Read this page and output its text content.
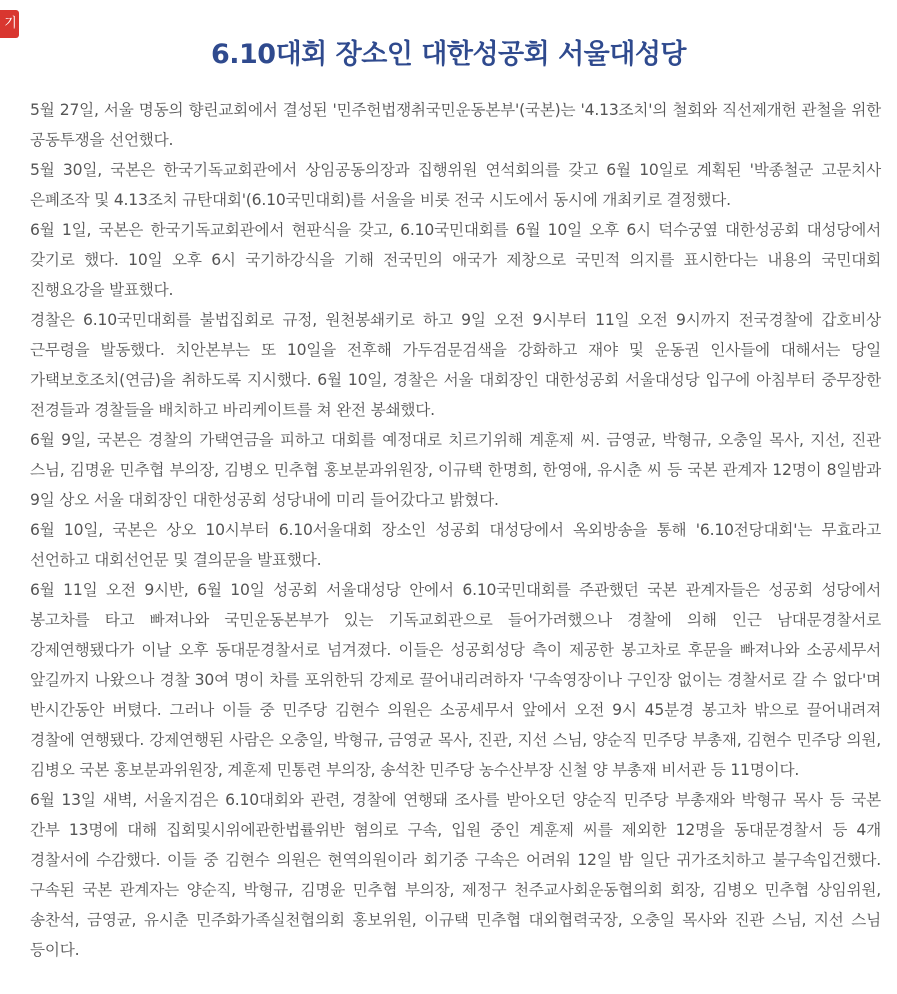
기
6.10대회 장소인 대한성공회 서울대성당

5월 27일, 서울 명동의 향린교회에서 결성된 '민주헌법쟁취국민운동본부'(국본)는 '4.13조치'의 철회와 직선제개헌 관철을 위한 공동투쟁을 선언했다.

5월 30일, 국본은 한국기독교회관에서 상임공동의장과 집행위원 연석회의를 갖고 6월 10일로 계획된 '박종철군 고문치사 은폐조작 및 4.13조치 규탄대회'(6.10국민대회)를 서울을 비롯 전국 시도에서 동시에 개최키로 결정했다.

6월 1일, 국본은 한국기독교회관에서 현판식을 갖고, 6.10국민대회를 6월 10일 오후 6시 덕수궁옆 대한성공회 대성당에서 갖기로 했다. 10일 오후 6시 국기하강식을 기해 전국민의 애국가 제창으로 국민적 의지를 표시한다는 내용의 국민대회 진행요강을 발표했다.

경찰은 6.10국민대회를 불법집회로 규정, 원천봉쇄키로 하고 9일 오전 9시부터 11일 오전 9시까지 전국경찰에 갑호비상 근무령을 발동했다. 치안본부는 또 10일을 전후해 가두검문검색을 강화하고 재야 및 운동권 인사들에 대해서는 당일 가택보호조치(연금)을 취하도록 지시했다. 6월 10일, 경찰은 서울 대회장인 대한성공회 서울대성당 입구에 아침부터 중무장한 전경들과 경찰들을 배치하고 바리케이트를 쳐 완전 봉쇄했다.

6월 9일, 국본은 경찰의 가택연금을 피하고 대회를 예정대로 치르기위해 계훈제 씨. 금영균, 박형규, 오충일 목사, 지선, 진관 스님, 김명윤 민추협 부의장, 김병오 민추협 홍보분과위원장, 이규택 한명희, 한영애, 유시춘 씨 등 국본 관계자 12명이 8일밤과 9일 상오 서울 대회장인 대한성공회 성당내에 미리 들어갔다고 밝혔다.

6월 10일, 국본은 상오 10시부터 6.10서울대회 장소인 성공회 대성당에서 옥외방송을 통해 '6.10전당대회'는 무효라고 선언하고 대회선언문 및 결의문을 발표했다.

6월 11일 오전 9시반, 6월 10일 성공회 서울대성당 안에서 6.10국민대회를 주관했던 국본 관계자들은 성공회 성당에서 봉고차를 타고 빠져나와 국민운동본부가 있는 기독교회관으로 들어가려했으나 경찰에 의해 인근 남대문경찰서로 강제연행됐다가 이날 오후 동대문경찰서로 넘겨졌다. 이들은 성공회성당 측이 제공한 봉고차로 후문을 빠져나와 소공세무서 앞길까지 나왔으나 경찰 30여 명이 차를 포위한뒤 강제로 끌어내리려하자 '구속영장이나 구인장 없이는 경찰서로 갈 수 없다'며 반시간동안 버텼다. 그러나 이들 중 민주당 김현수 의원은 소공세무서 앞에서 오전 9시 45분경 봉고차 밖으로 끌어내려져 경찰에 연행됐다. 강제연행된 사람은 오충일, 박형규, 금영균 목사, 진관, 지선 스님, 양순직 민주당 부총재, 김현수 민주당 의원, 김병오 국본 홍보분과위원장, 계훈제 민통련 부의장, 송석찬 민주당 농수산부장 신철 양 부총재 비서관 등 11명이다.

6월 13일 새벽, 서울지검은 6.10대회와 관련, 경찰에 연행돼 조사를 받아오던 양순직 민주당 부총재와 박형규 목사 등 국본 간부 13명에 대해 집회및시위에관한법률위반 혐의로 구속, 입원 중인 계훈제 씨를 제외한 12명을 동대문경찰서 등 4개 경찰서에 수감했다. 이들 중 김현수 의원은 현역의원이라 회기중 구속은 어려워 12일 밤 일단 귀가조치하고 불구속입건했다. 구속된 국본 관계자는 양순직, 박형규, 김명윤 민추협 부의장, 제정구 천주교사회운동협의회 회장, 김병오 민추협 상임위원, 송찬석, 금영균, 유시춘 민주화가족실천협의회 홍보위원, 이규택 민추협 대외협력국장, 오충일 목사와 진관 스님, 지선 스님 등이다.
